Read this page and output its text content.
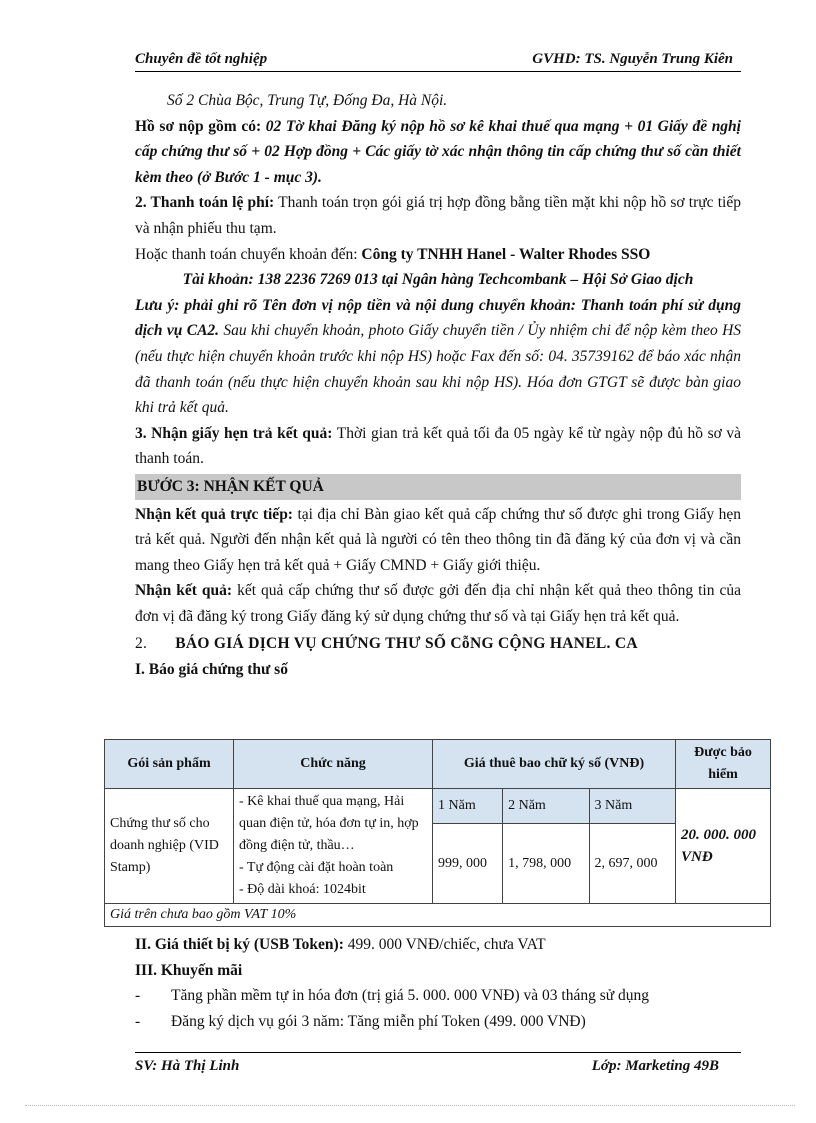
Chuyên đề tốt nghiệp	GVHD: TS. Nguyễn Trung Kiên

Số 2 Chùa Bộc, Trung Tự, Đống Đa, Hà Nội.

Hồ sơ nộp gồm có: 02 Tờ khai Đăng ký nộp hồ sơ kê khai thuế qua mạng + 01 Giấy đề nghị cấp chứng thư số + 02 Hợp đồng + Các giấy tờ xác nhận thông tin cấp chứng thư số cần thiết kèm theo (ở Bước 1 - mục 3).

2. Thanh toán lệ phí: Thanh toán trọn gói giá trị hợp đồng bằng tiền mặt khi nộp hồ sơ trực tiếp và nhận phiếu thu tạm.

Hoặc thanh toán chuyển khoản đến: Công ty TNHH Hanel - Walter Rhodes SSO

Tài khoản: 138 2236 7269 013 tại Ngân hàng Techcombank – Hội Sở Giao dịch

Lưu ý: phải ghi rõ Tên đơn vị nộp tiền và nội dung chuyển khoản: Thanh toán phí sử dụng dịch vụ CA2. Sau khi chuyển khoản, photo Giấy chuyển tiền / Ủy nhiệm chi để nộp kèm theo HS (nếu thực hiện chuyển khoản trước khi nộp HS) hoặc Fax đến số: 04. 35739162 để báo xác nhận đã thanh toán (nếu thực hiện chuyển khoản sau khi nộp HS). Hóa đơn GTGT sẽ được bàn giao khi trả kết quả.

3. Nhận giấy hẹn trả kết quả: Thời gian trả kết quả tối đa 05 ngày kể từ ngày nộp đủ hồ sơ và thanh toán.

BƯỚC 3: NHẬN KẾT QUẢ

Nhận kết quả trực tiếp: tại địa chỉ Bàn giao kết quả cấp chứng thư số được ghi trong Giấy hẹn trả kết quả. Người đến nhận kết quả là người có tên theo thông tin đã đăng ký của đơn vị và cần mang theo Giấy hẹn trả kết quả + Giấy CMND + Giấy giới thiệu.

Nhận kết quả: kết quả cấp chứng thư số được gởi đến địa chỉ nhận kết quả theo thông tin của đơn vị đã đăng ký trong Giấy đăng ký sử dụng chứng thư số và tại Giấy hẹn trả kết quả.

2. BÁO GIÁ DỊCH VỤ CHỨNG THƯ SỐ CỗNG CỘNG HANEL. CA

I. Báo giá chứng thư số

Gói sản phẩm	Chức năng	Giá thuê bao chữ ký số (VNĐ)			Được bảo hiểm
Chứng thư số cho doanh nghiệp (VID Stamp)	- Kê khai thuế qua mạng, Hải quan điện tử, hóa đơn tự in, hợp đồng điện tử, thầu…
- Tự động cài đặt hoàn toàn
- Độ dài khoá: 1024bit	1 Năm	2 Năm	3 Năm	20. 000. 000 VNĐ
		999, 000	1, 798, 000	2, 697, 000	
Giá trên chưa bao gồm VAT 10%					

II. Giá thiết bị ký (USB Token): 499. 000 VNĐ/chiếc, chưa VAT

III. Khuyến mãi

- Tăng phần mềm tự in hóa đơn (trị giá 5. 000. 000 VNĐ) và 03 tháng sử dụng

- Đăng ký dịch vụ gói 3 năm: Tăng miễn phí Token (499. 000 VNĐ)

SV: Hà Thị Linh	Lớp: Marketing 49B
